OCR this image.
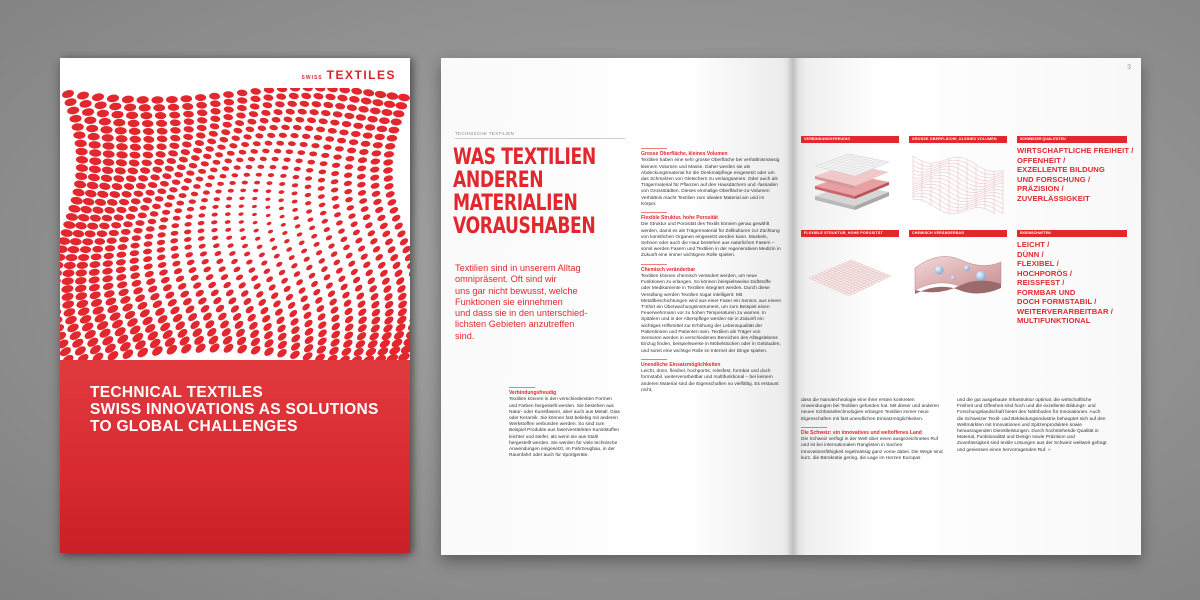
SWISS TEXTILES
TECHNICAL TEXTILES
SWISS INNOVATIONS AS SOLUTIONS
TO GLOBAL CHALLENGES
TECHNISCHE TEXTILIEN
WAS TEXTILIEN
ANDEREN
MATERIALIEN
VORAUSHABEN
Textilien sind in unserem Alltag
omnipräsent. Oft sind wir
uns gar nicht bewusst, welche
Funktionen sie einnehmen
und dass sie in den unterschied-
lichsten Gebieten anzutreffen
sind.
Verbindungsfreudig

Textilien können in den verschiedensten Formen und Farben hergestellt werden. Sie bestehen aus Natur- oder Kunstfasern, aber auch aus Metall, Glas oder Keramik. Sie können fast beliebig mit anderen Werkstoffen verbunden werden. So sind zum Beispiel Produkte aus faserverstärkten Kunststoffen leichter und steifer, als wenn sie aus Stahl hergestellt werden. Sie werden für viele technische Anwendungen eingesetzt, im Fahrzeugbau, in der Raumfahrt oder auch für Sportgeräte.

Grosse Oberfläche, kleines Volumen

Textilien haben eine sehr grosse Oberfläche bei verhältnismässig kleinem Volumen und Masse. Daher werden sie als Abdeckungsmaterial für die Denkmalpflege eingesetzt oder um das Schmelzen von Gletschern zu verlangsamen. Oder auch als Trägermaterial für Pflanzen auf den Hausdächern und -fassaden von Grossstädten. Dieses einmalige Oberfläche-zu-Volumen Verhältnis macht Textilien zum idealen Material am und im Körper.

Flexible Struktur, hohe Porosität

Die Struktur und Porosität des Textils können genau gewählt werden, damit es als Trägermaterial für Zellkulturen zur Züchtung von künstlichen Organen eingesetzt werden kann. Muskeln, Sehnen oder auch die Haut bestehen aus natürlichen Fasern – somit werden Fasern und Textilien in der regenerativen Medizin in Zukunft eine immer wichtigere Rolle spielen.

Chemisch veränderbar

Textilien können chemisch verändert werden, um neue Funktionen zu erlangen. So können beispielsweise Duftstoffe oder Medikamente in Textilien integriert werden. Durch diese Veredlung werden Textilien sogar intelligent: Mit Metallbeschichtungen wird aus einer Faser ein Sensor, aus einem T-Shirt ein Überwachungsinstrument, um zum Beispiel einen Feuerwehrmann vor zu hohen Temperaturen zu warnen. In Spitälern und in der Alterspflege werden sie in Zukunft ein wichtiges Hilfsmittel zur Erhöhung der Lebensqualität der Patientinnen und Patienten sein. Textilien als Träger von Sensoren werden in verschiedenen Bereichen des Alltagslebens Einzug finden, beispielsweise in Möbelstücken oder in Gebäuden, und somit eine wichtige Rolle im Internet der Dinge spielen.

Unendliche Einsatzmöglichkeiten

Leicht, dünn, flexibel, hochporös, reissfest, formbar und doch formstabil, weiterverarbeitbar und multifunktional – bei keinem anderen Material sind die Eigenschaften so vielfältig. Es erstaunt nicht,

3
VERBINDUNGSFREUDIG	GROSSE OBERFLÄCHE, KLEINES VOLUMEN
FLEXIBLE STRUKTUR, HOHE POROSITÄT	CHEMISCH VERÄNDERBAR
SCHWEIZER QUALITÄTEN
WIRTSCHAFTLICHE FREIHEIT /
OFFENHEIT /
EXZELLENTE BILDUNG
UND FORSCHUNG /
PRÄZISION /
ZUVERLÄSSIGKEIT
EIGENSCHAFTEN
LEICHT /
DÜNN /
FLEXIBEL /
HOCHPORÖS /
REISSFEST /
FORMBAR UND
DOCH FORMSTABIL /
WEITERVERARBEITBAR /
MULTIFUNKTIONAL

dass die Nanotechnologie eine ihrer ersten konkreten Anwendungen bei Textilien gefunden hat. Mit dieser und anderen neuen Schlüsseltechnologien erlangen Textilien immer neue Eigenschaften mit fast unendlichen Einsatzmöglichkeiten.

Die Schweiz: ein innovatives und weltoffenes Land

Die Schweiz verfügt in der Welt über einen ausgezeichneten Ruf und ist bei internationalen Ranglisten in Sachen Innovationsfähigkeit regelmässig ganz vorne dabei. Die Wege sind kurz, die Bürokratie gering, die Lage im Herzen Europas

und die gut ausgebaute Infrastruktur optimal, die wirtschaftliche Freiheit und Offenheit sind hoch und die exzellente Bildungs- und Forschungslandschaft bietet den Nährboden für Innovationen. Auch die Schweizer Textil- und Bekleidungsindustrie behauptet sich auf den Weltmärkten mit Innovationen und Spitzenprodukten sowie herausragenden Dienstleistungen. Durch hochstehende Qualität in Material, Funktionalität und Design sowie Präzision und Zuverlässigkeit sind textile Lösungen aus der Schweiz weltweit gefragt und geniessen einen hervorragenden Ruf. »
